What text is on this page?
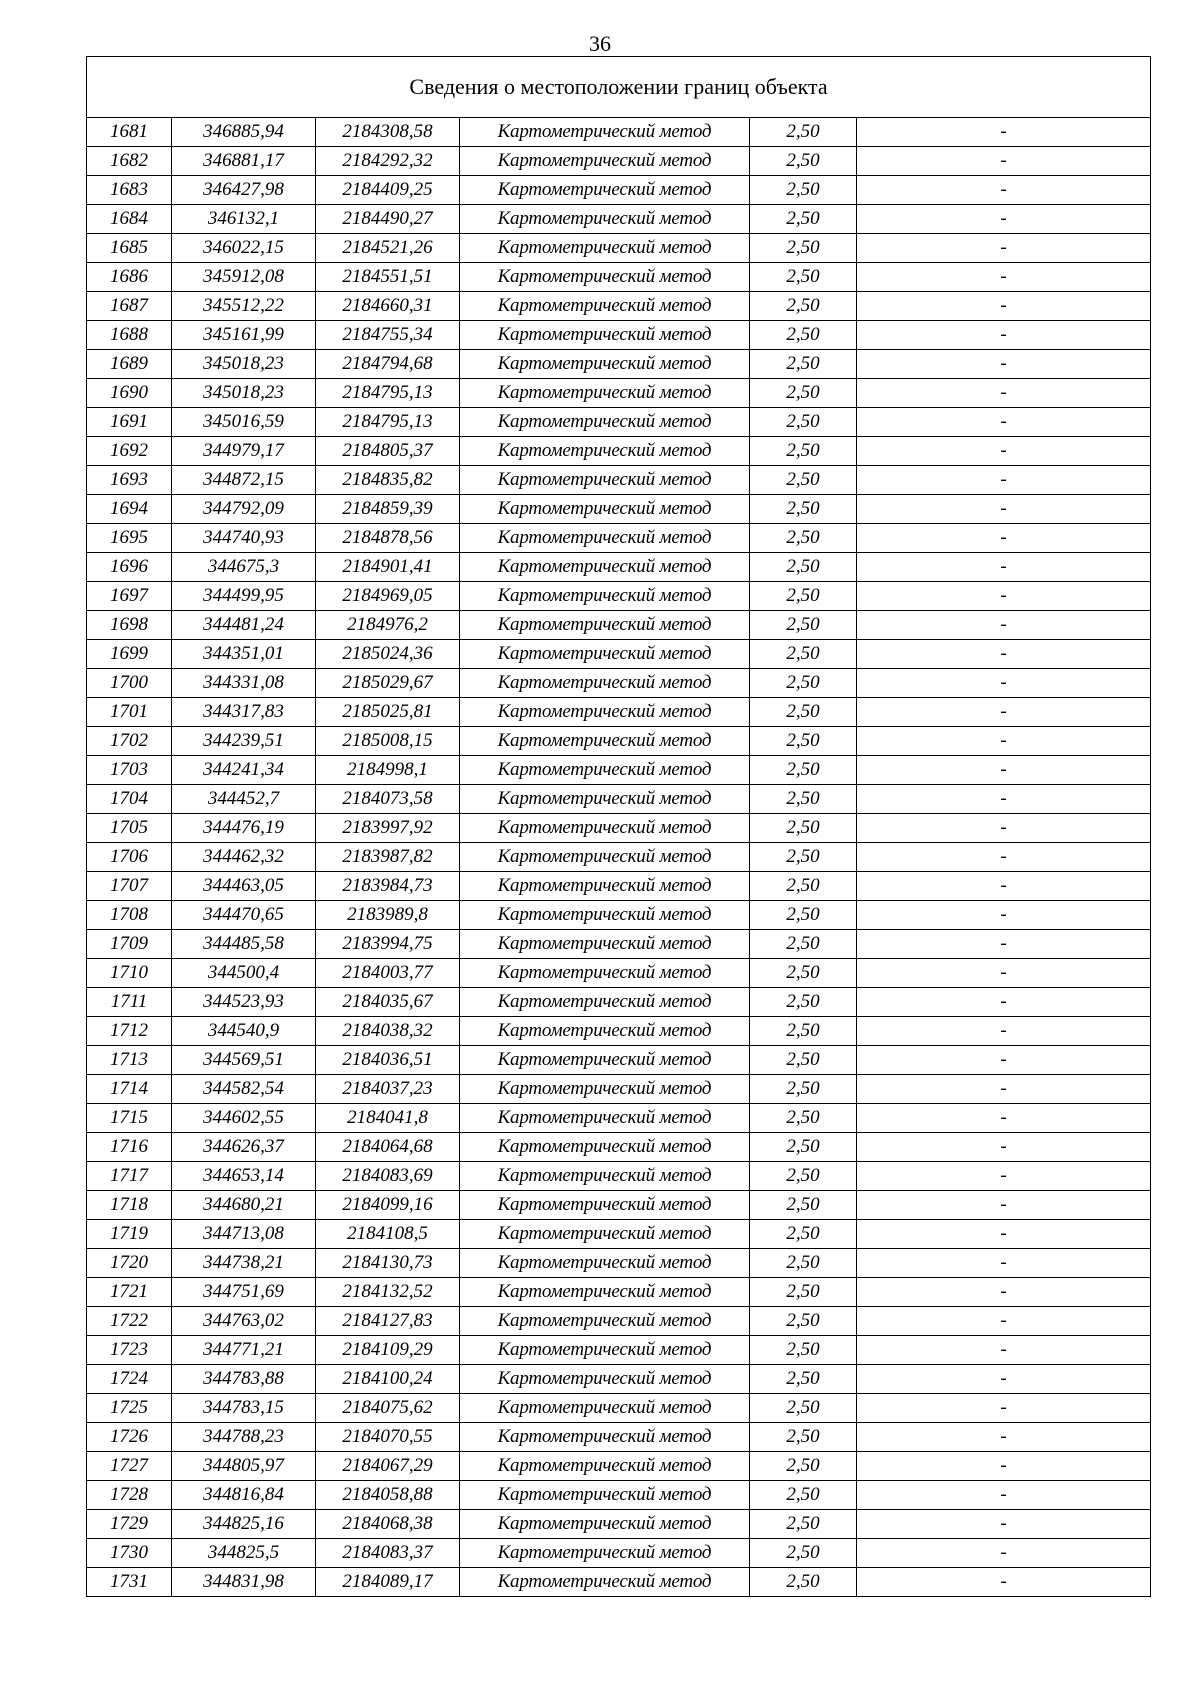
36
Сведения о местоположении границ объекта					
1681	346885,94	2184308,58	Картометрический метод	2,50	-
1682	346881,17	2184292,32	Картометрический метод	2,50	-
1683	346427,98	2184409,25	Картометрический метод	2,50	-
1684	346132,1	2184490,27	Картометрический метод	2,50	-
1685	346022,15	2184521,26	Картометрический метод	2,50	-
1686	345912,08	2184551,51	Картометрический метод	2,50	-
1687	345512,22	2184660,31	Картометрический метод	2,50	-
1688	345161,99	2184755,34	Картометрический метод	2,50	-
1689	345018,23	2184794,68	Картометрический метод	2,50	-
1690	345018,23	2184795,13	Картометрический метод	2,50	-
1691	345016,59	2184795,13	Картометрический метод	2,50	-
1692	344979,17	2184805,37	Картометрический метод	2,50	-
1693	344872,15	2184835,82	Картометрический метод	2,50	-
1694	344792,09	2184859,39	Картометрический метод	2,50	-
1695	344740,93	2184878,56	Картометрический метод	2,50	-
1696	344675,3	2184901,41	Картометрический метод	2,50	-
1697	344499,95	2184969,05	Картометрический метод	2,50	-
1698	344481,24	2184976,2	Картометрический метод	2,50	-
1699	344351,01	2185024,36	Картометрический метод	2,50	-
1700	344331,08	2185029,67	Картометрический метод	2,50	-
1701	344317,83	2185025,81	Картометрический метод	2,50	-
1702	344239,51	2185008,15	Картометрический метод	2,50	-
1703	344241,34	2184998,1	Картометрический метод	2,50	-
1704	344452,7	2184073,58	Картометрический метод	2,50	-
1705	344476,19	2183997,92	Картометрический метод	2,50	-
1706	344462,32	2183987,82	Картометрический метод	2,50	-
1707	344463,05	2183984,73	Картометрический метод	2,50	-
1708	344470,65	2183989,8	Картометрический метод	2,50	-
1709	344485,58	2183994,75	Картометрический метод	2,50	-
1710	344500,4	2184003,77	Картометрический метод	2,50	-
1711	344523,93	2184035,67	Картометрический метод	2,50	-
1712	344540,9	2184038,32	Картометрический метод	2,50	-
1713	344569,51	2184036,51	Картометрический метод	2,50	-
1714	344582,54	2184037,23	Картометрический метод	2,50	-
1715	344602,55	2184041,8	Картометрический метод	2,50	-
1716	344626,37	2184064,68	Картометрический метод	2,50	-
1717	344653,14	2184083,69	Картометрический метод	2,50	-
1718	344680,21	2184099,16	Картометрический метод	2,50	-
1719	344713,08	2184108,5	Картометрический метод	2,50	-
1720	344738,21	2184130,73	Картометрический метод	2,50	-
1721	344751,69	2184132,52	Картометрический метод	2,50	-
1722	344763,02	2184127,83	Картометрический метод	2,50	-
1723	344771,21	2184109,29	Картометрический метод	2,50	-
1724	344783,88	2184100,24	Картометрический метод	2,50	-
1725	344783,15	2184075,62	Картометрический метод	2,50	-
1726	344788,23	2184070,55	Картометрический метод	2,50	-
1727	344805,97	2184067,29	Картометрический метод	2,50	-
1728	344816,84	2184058,88	Картометрический метод	2,50	-
1729	344825,16	2184068,38	Картометрический метод	2,50	-
1730	344825,5	2184083,37	Картометрический метод	2,50	-
1731	344831,98	2184089,17	Картометрический метод	2,50	-
